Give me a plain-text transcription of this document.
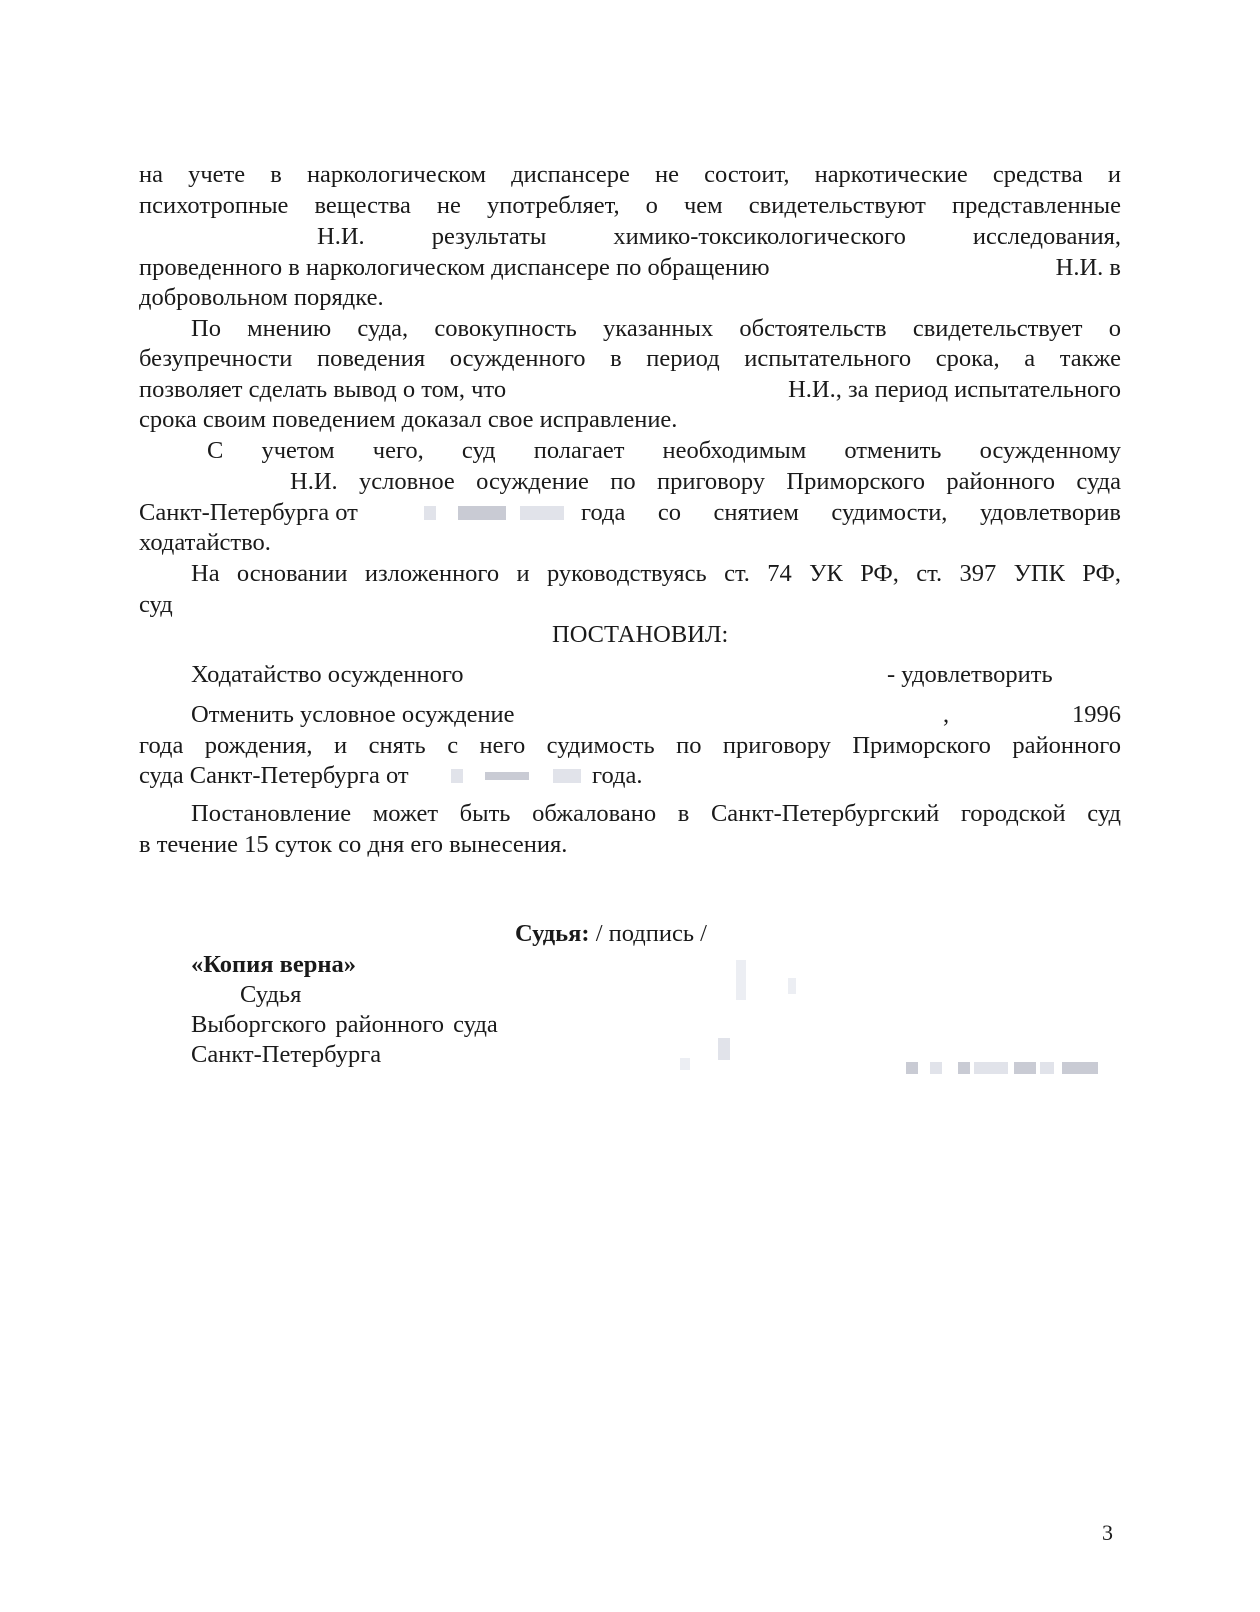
на учете в наркологическом диспансере не состоит, наркотические средства и
психотропные вещества не употребляет, о чем свидетельствуют представленные
Н.И. результаты химико-токсикологического исследования,
проведенного в наркологическом диспансере по обращению	Н.И. в
добровольном порядке.
По мнению суда, совокупность указанных обстоятельств свидетельствует о
безупречности поведения осужденного в период испытательного срока, а также
позволяет сделать вывод о том, что	Н.И., за период испытательного
срока своим поведением доказал свое исправление.
С учетом чего, суд полагает необходимым отменить осужденному
Н.И. условное осуждение по приговору Приморского районного суда
Санкт-Петербурга от	года со снятием судимости, удовлетворив
ходатайство.
На основании изложенного и руководствуясь ст. 74 УК РФ, ст. 397 УПК РФ,
суд
ПОСТАНОВИЛ:
Ходатайство осужденного	- удовлетворить
Отменить условное осуждение	,	1996
года рождения, и снять с него судимость по приговору Приморского районного
суда Санкт-Петербурга от	года.
Постановление может быть обжаловано в Санкт-Петербургский городской суд
в течение 15 суток со дня его вынесения.
Судья: / подпись /
«Копия верна»
Судья
Выборгского районного суда
Санкт-Петербурга
3
